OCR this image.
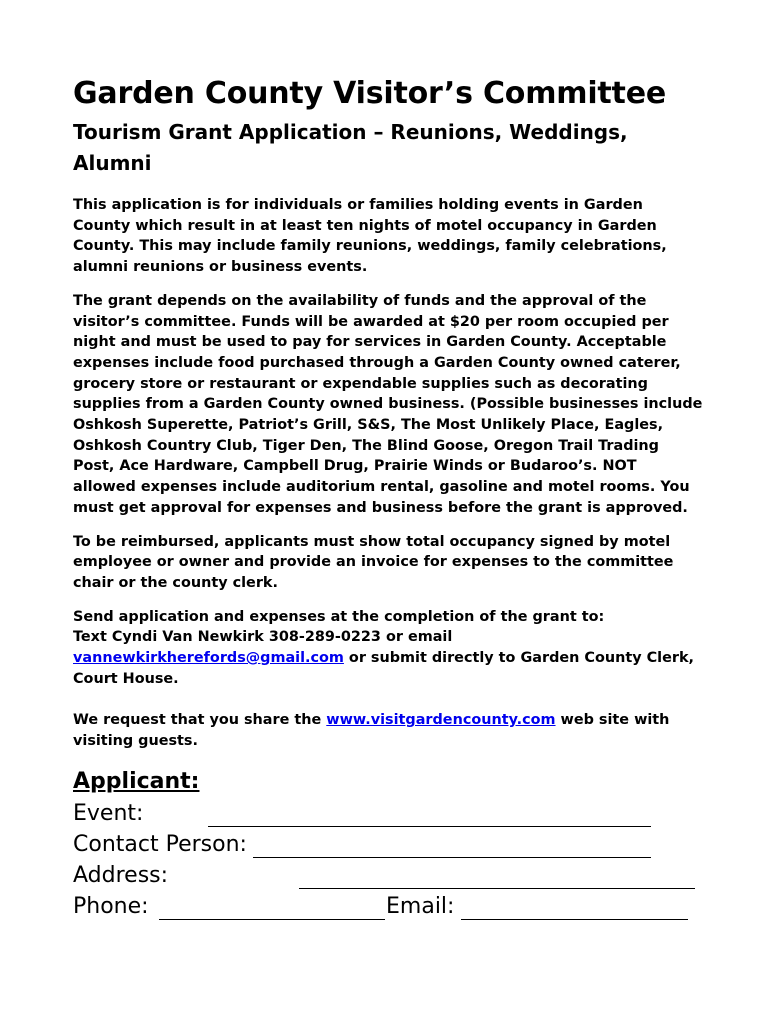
Garden County Visitor’s Committee
Tourism Grant Application – Reunions, Weddings, Alumni

This application is for individuals or families holding events in Garden County which result in at least ten nights of motel occupancy in Garden County. This may include family reunions, weddings, family celebrations, alumni reunions or business events.

The grant depends on the availability of funds and the approval of the visitor’s committee. Funds will be awarded at $20 per room occupied per night and must be used to pay for services in Garden County. Acceptable expenses include food purchased through a Garden County owned caterer, grocery store or restaurant or expendable supplies such as decorating supplies from a Garden County owned business. (Possible businesses include Oshkosh Superette, Patriot’s Grill, S&S, The Most Unlikely Place, Eagles, Oshkosh Country Club, Tiger Den, The Blind Goose, Oregon Trail Trading Post, Ace Hardware, Campbell Drug, Prairie Winds or Budaroo’s. NOT allowed expenses include auditorium rental, gasoline and motel rooms. You must get approval for expenses and business before the grant is approved.

To be reimbursed, applicants must show total occupancy signed by motel employee or owner and provide an invoice for expenses to the committee chair or the county clerk.

Send application and expenses at the completion of the grant to:
Text Cyndi Van Newkirk 308-289-0223 or email
vannewkirkherefords@gmail.com or submit directly to Garden County Clerk, Court House.

We request that you share the www.visitgardencounty.com web site with visiting guests.

Applicant:
Event:
Contact Person:
Address:
Phone:	Email:
